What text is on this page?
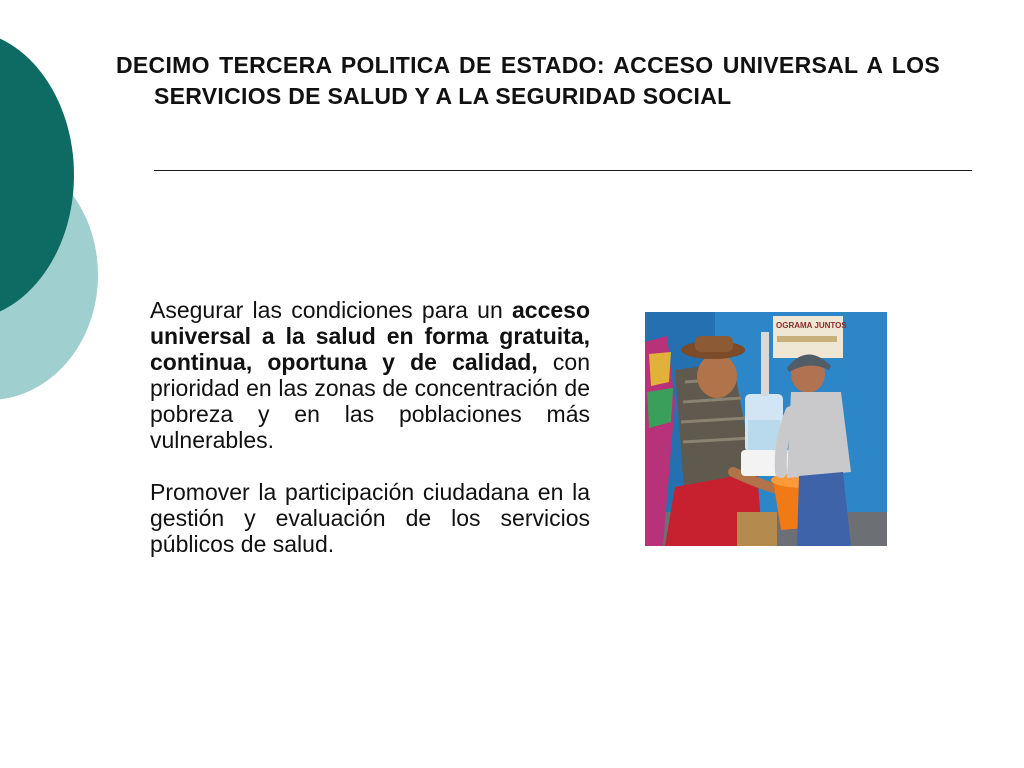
DECIMO TERCERA POLITICA DE ESTADO: ACCESO UNIVERSAL A LOS SERVICIOS DE SALUD Y A LA SEGURIDAD SOCIAL

Asegurar las condiciones para un acceso universal a la salud en forma gratuita, continua, oportuna y de calidad, con prioridad en las zonas de concentración de pobreza y en las poblaciones más vulnerables.

Promover la participación ciudadana en la gestión y evaluación de los servicios públicos de salud.

OGRAMA JUNTOS
